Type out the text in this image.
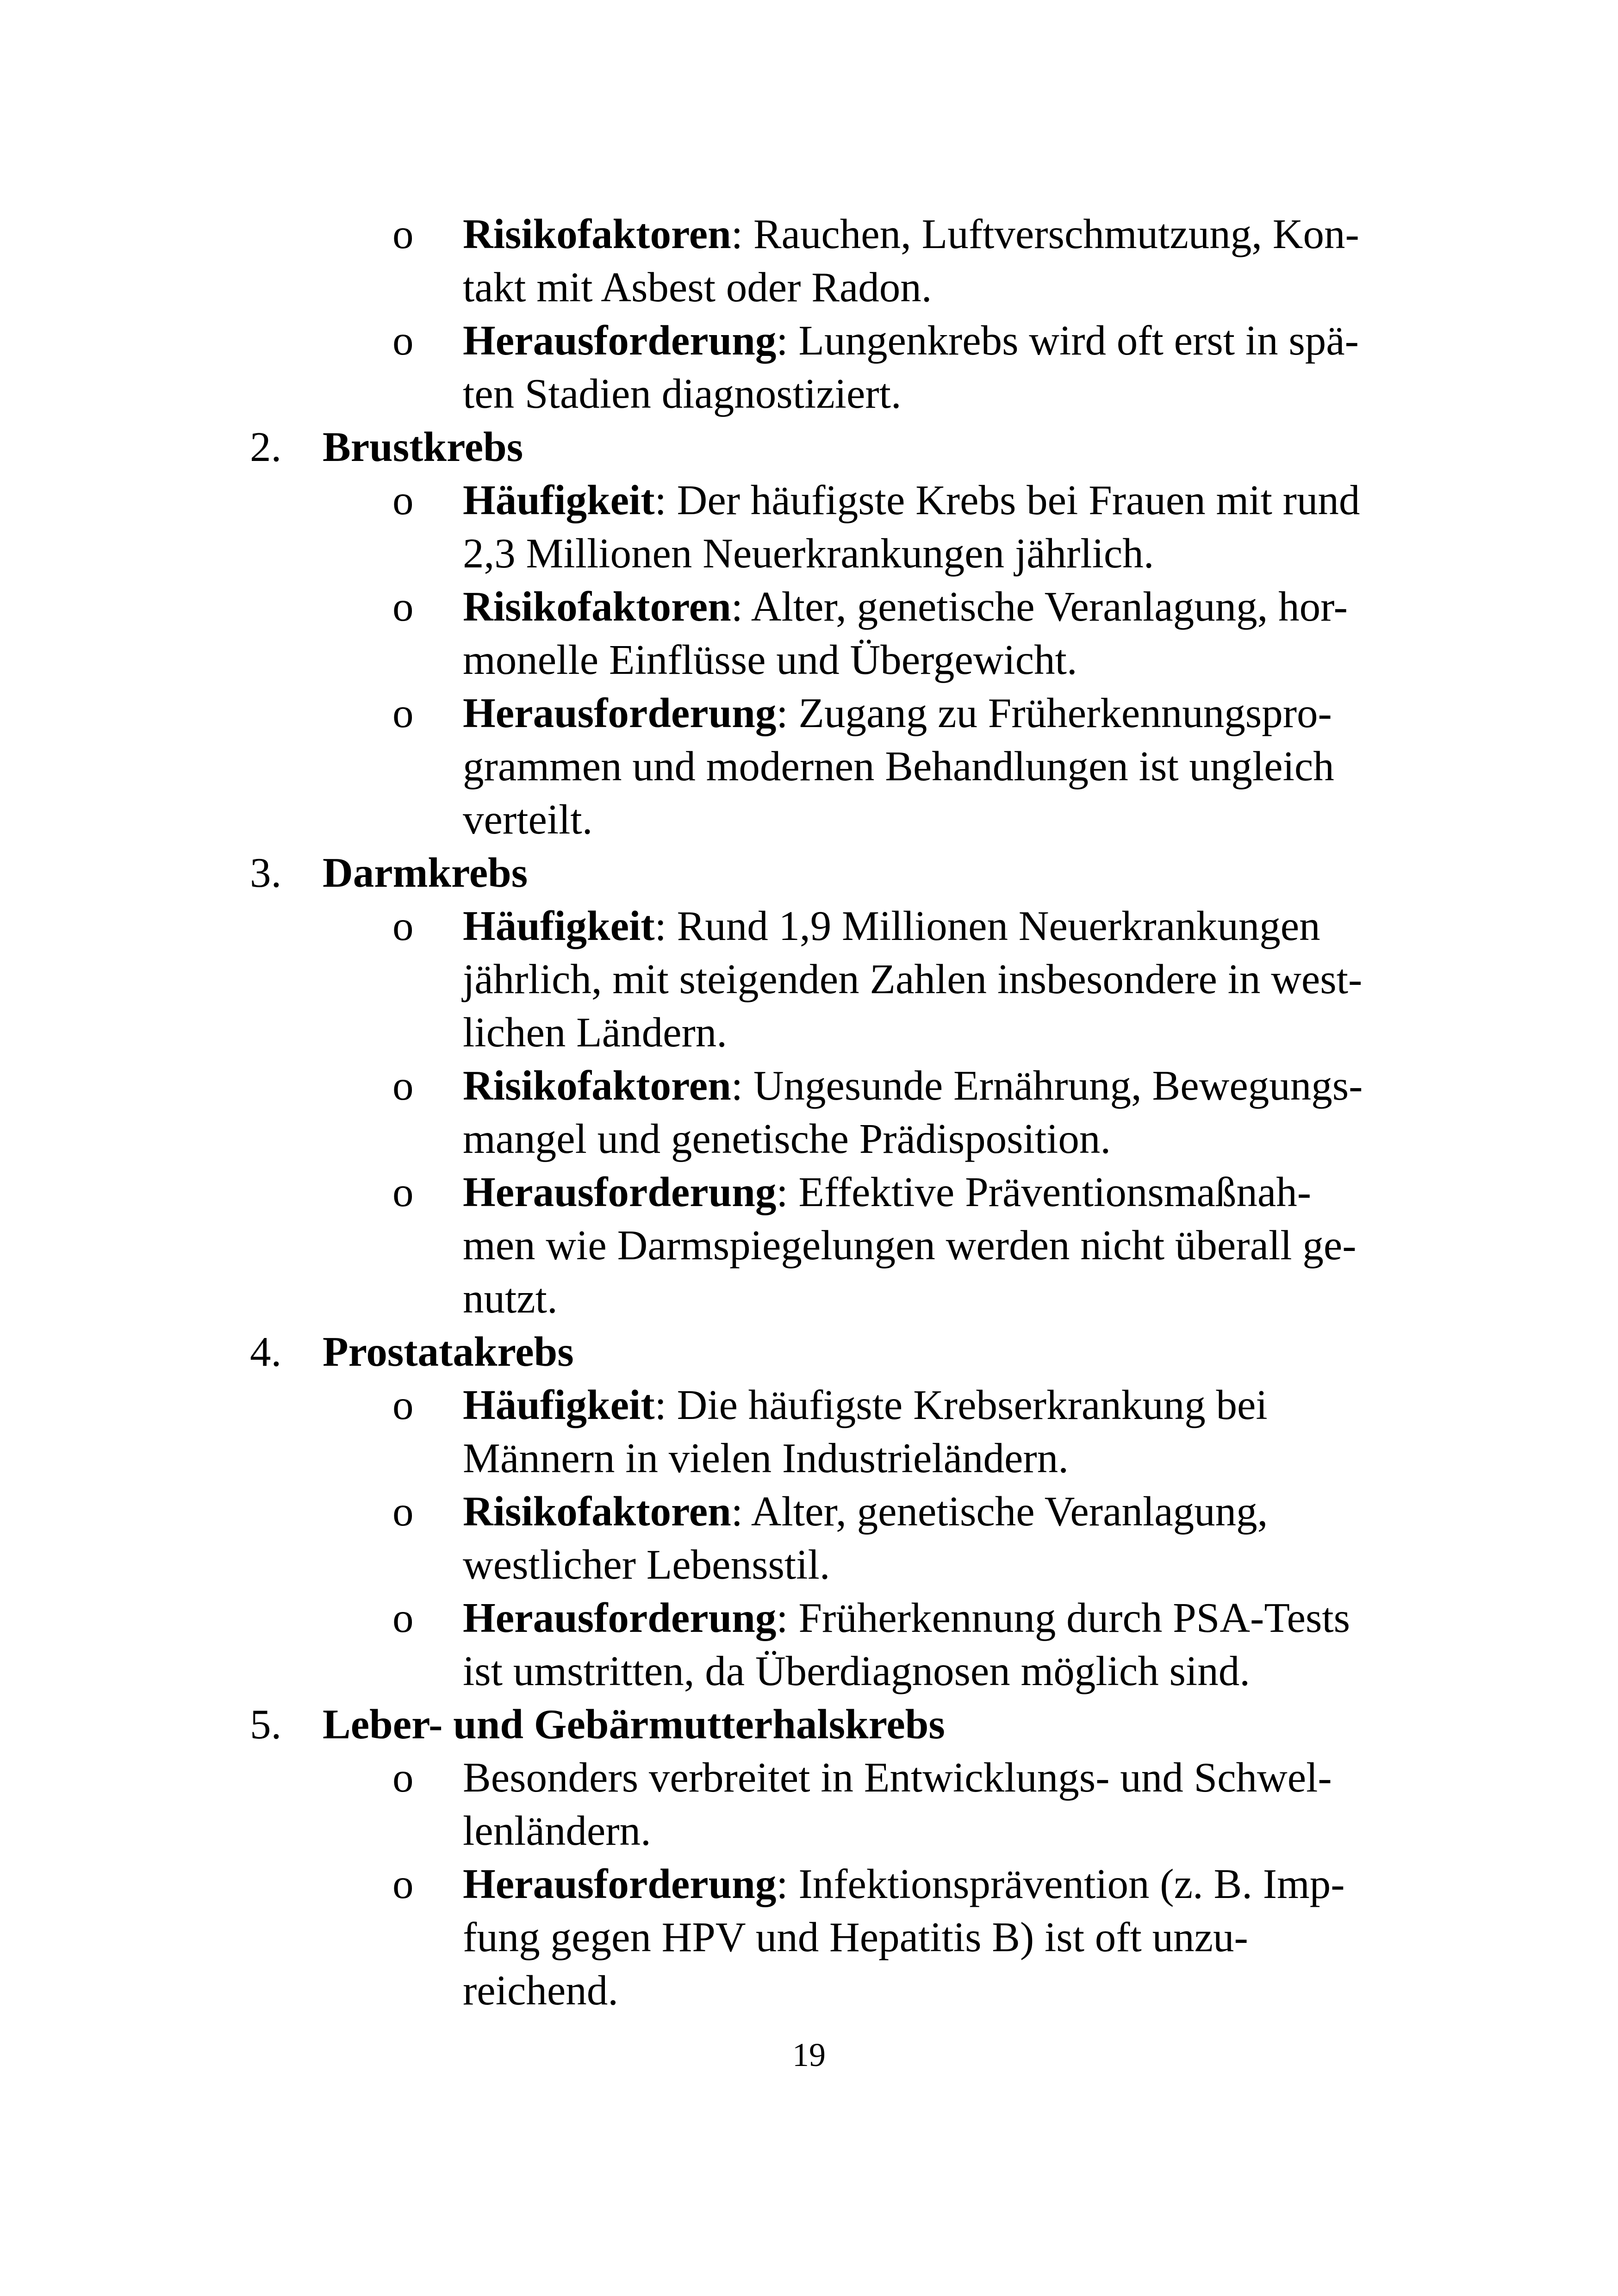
o Risikofaktoren: Rauchen, Luftverschmutzung, Kon-
takt mit Asbest oder Radon.
o Herausforderung: Lungenkrebs wird oft erst in spä-
ten Stadien diagnostiziert.
2. Brustkrebs
o Häufigkeit: Der häufigste Krebs bei Frauen mit rund
2,3 Millionen Neuerkrankungen jährlich.
o Risikofaktoren: Alter, genetische Veranlagung, hor-
monelle Einflüsse und Übergewicht.
o Herausforderung: Zugang zu Früherkennungspro-
grammen und modernen Behandlungen ist ungleich
verteilt.
3. Darmkrebs
o Häufigkeit: Rund 1,9 Millionen Neuerkrankungen
jährlich, mit steigenden Zahlen insbesondere in west-
lichen Ländern.
o Risikofaktoren: Ungesunde Ernährung, Bewegungs-
mangel und genetische Prädisposition.
o Herausforderung: Effektive Präventionsmaßnah-
men wie Darmspiegelungen werden nicht überall ge-
nutzt.
4. Prostatakrebs
o Häufigkeit: Die häufigste Krebserkrankung bei
Männern in vielen Industrieländern.
o Risikofaktoren: Alter, genetische Veranlagung,
westlicher Lebensstil.
o Herausforderung: Früherkennung durch PSA-Tests
ist umstritten, da Überdiagnosen möglich sind.
5. Leber- und Gebärmutterhalskrebs
o Besonders verbreitet in Entwicklungs- und Schwel-
lenländern.
o Herausforderung: Infektionsprävention (z. B. Imp-
fung gegen HPV und Hepatitis B) ist oft unzu-
reichend.
19
